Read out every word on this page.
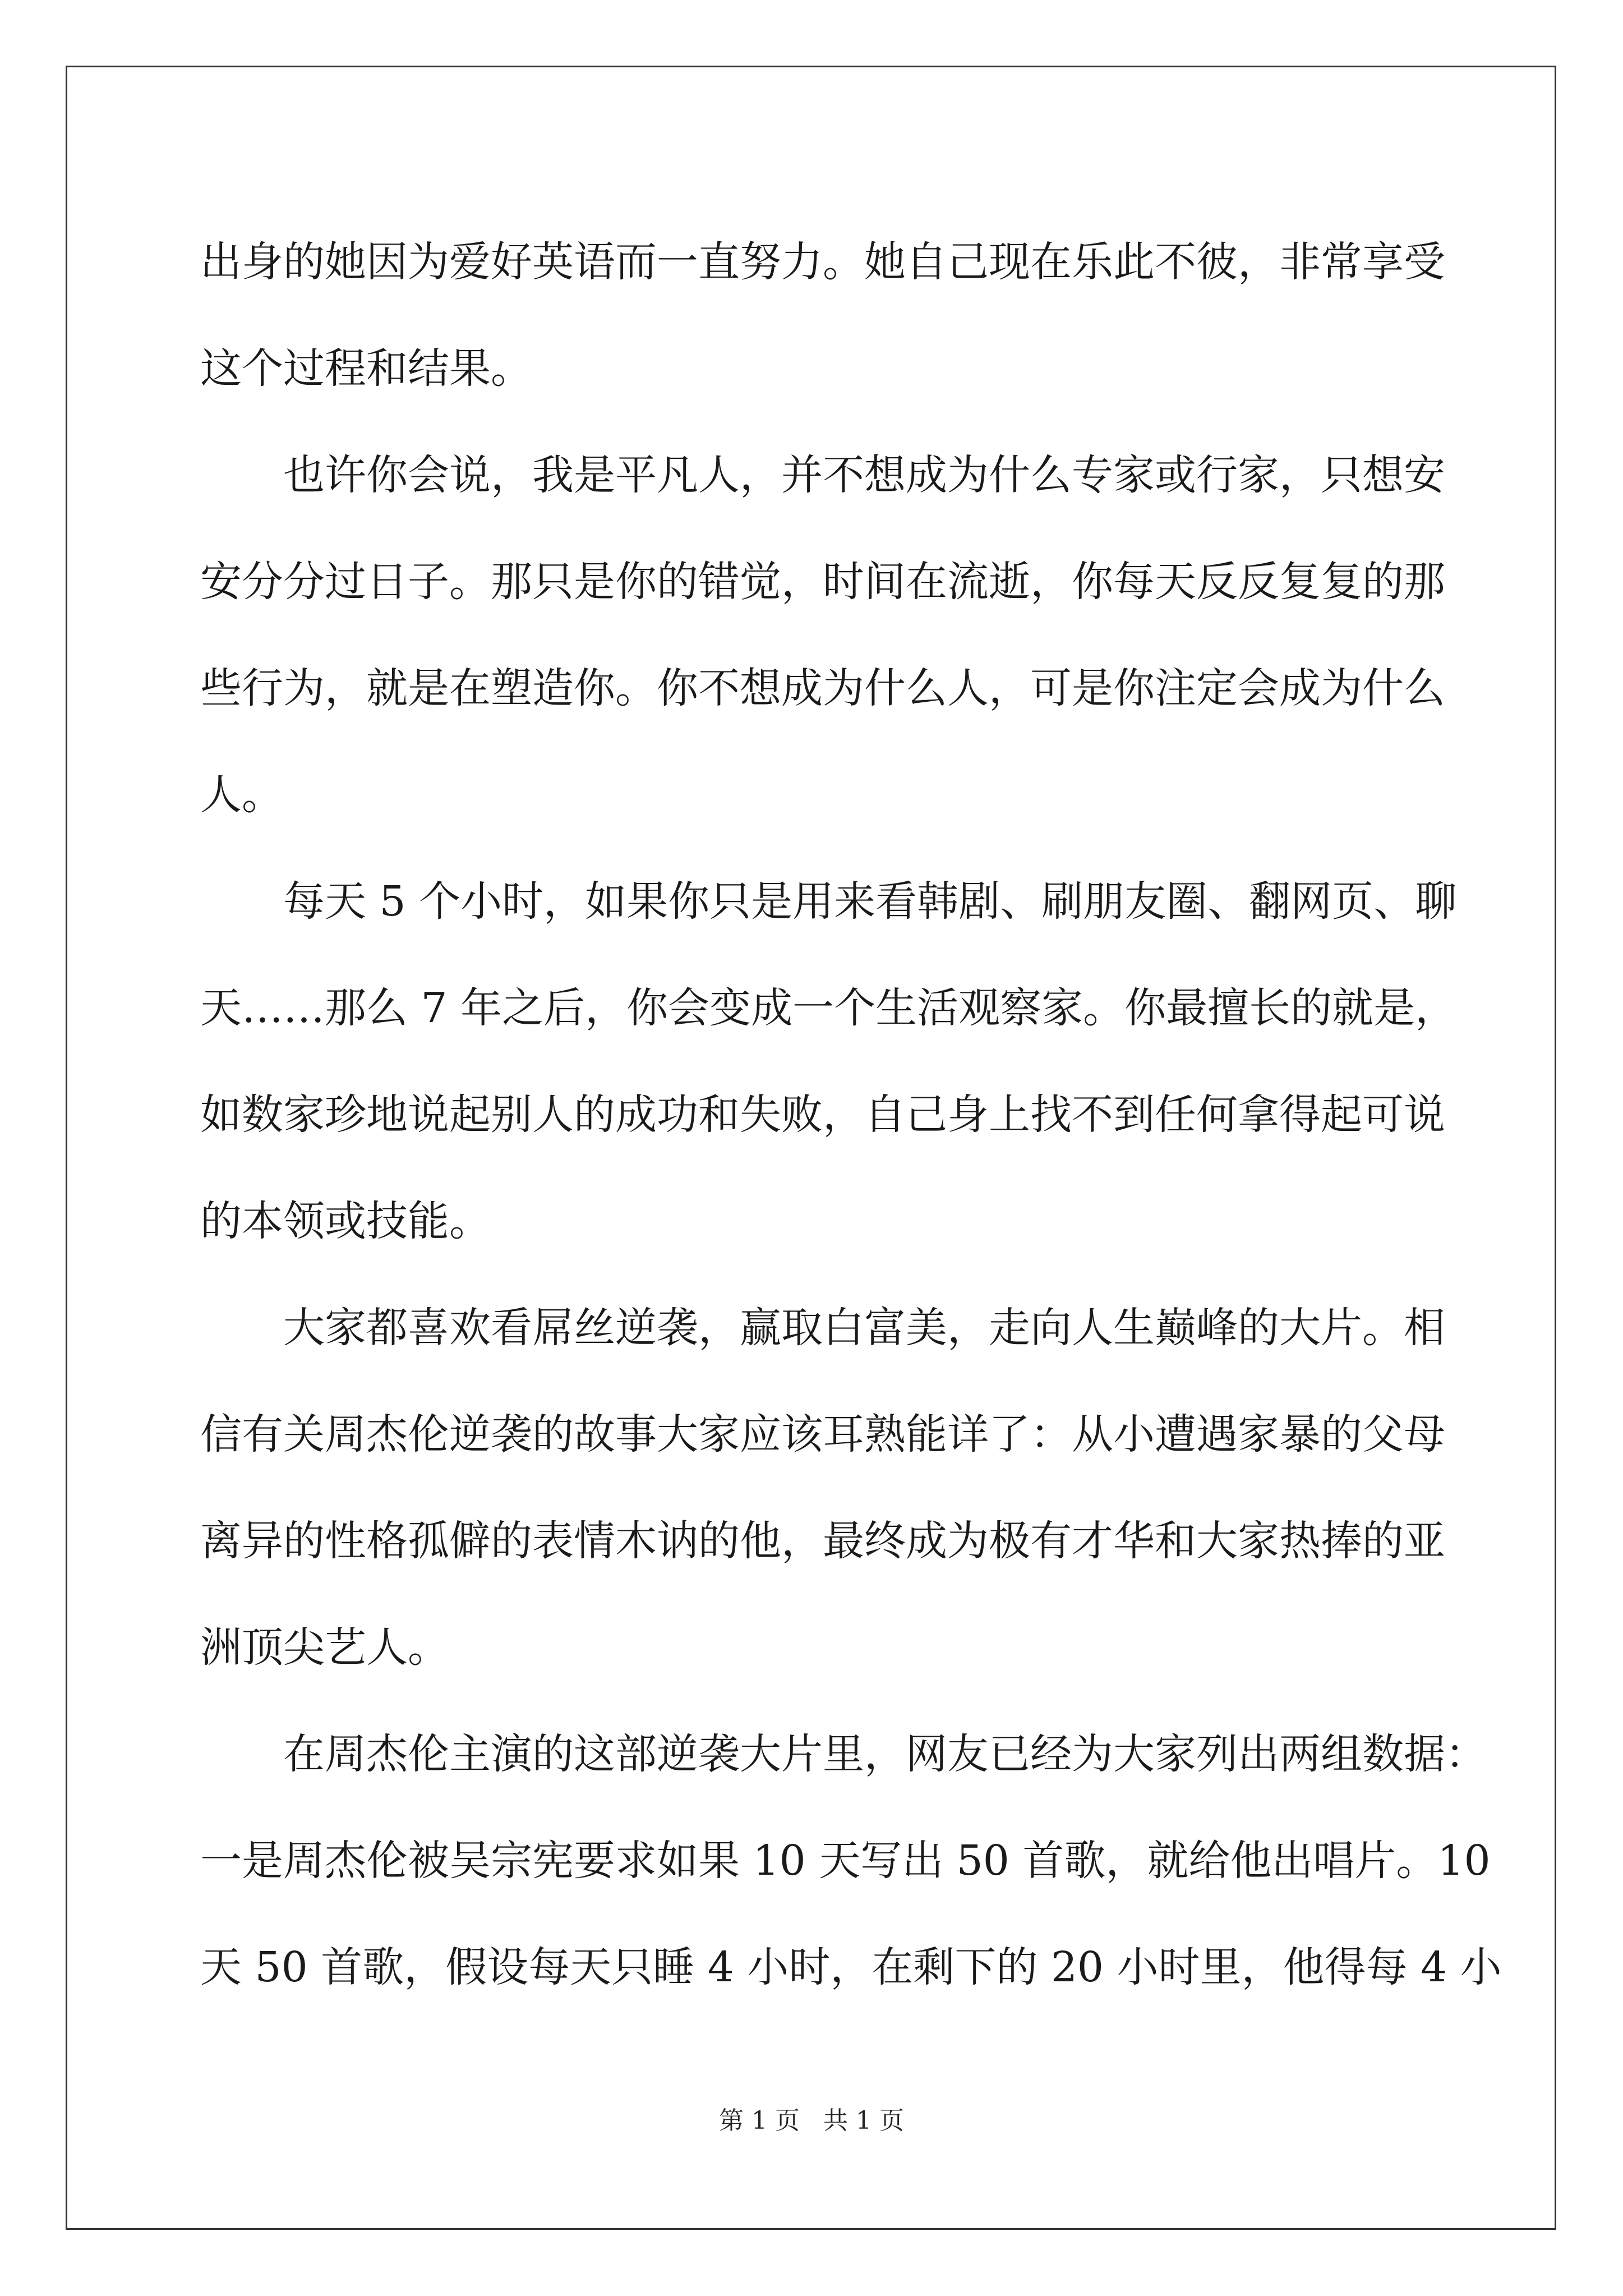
出身的她因为爱好英语而一直努力。她自己现在乐此不彼，非常享受
这个过程和结果。
也许你会说，我是平凡人，并不想成为什么专家或行家，只想安
安分分过日子。那只是你的错觉，时间在流逝，你每天反反复复的那
些行为，就是在塑造你。你不想成为什么人，可是你注定会成为什么
人。
每天 5 个小时，如果你只是用来看韩剧、刷朋友圈、翻网页、聊
天……那么 7 年之后，你会变成一个生活观察家。你最擅长的就是，
如数家珍地说起别人的成功和失败，自己身上找不到任何拿得起可说
的本领或技能。
大家都喜欢看屌丝逆袭，赢取白富美，走向人生巅峰的大片。相
信有关周杰伦逆袭的故事大家应该耳熟能详了：从小遭遇家暴的父母
离异的性格孤僻的表情木讷的他，最终成为极有才华和大家热捧的亚
洲顶尖艺人。
在周杰伦主演的这部逆袭大片里，网友已经为大家列出两组数据：
一是周杰伦被吴宗宪要求如果 10 天写出 50 首歌，就给他出唱片。10
天 50 首歌，假设每天只睡 4 小时，在剩下的 20 小时里，他得每 4 小
第 1 页 共 1 页
